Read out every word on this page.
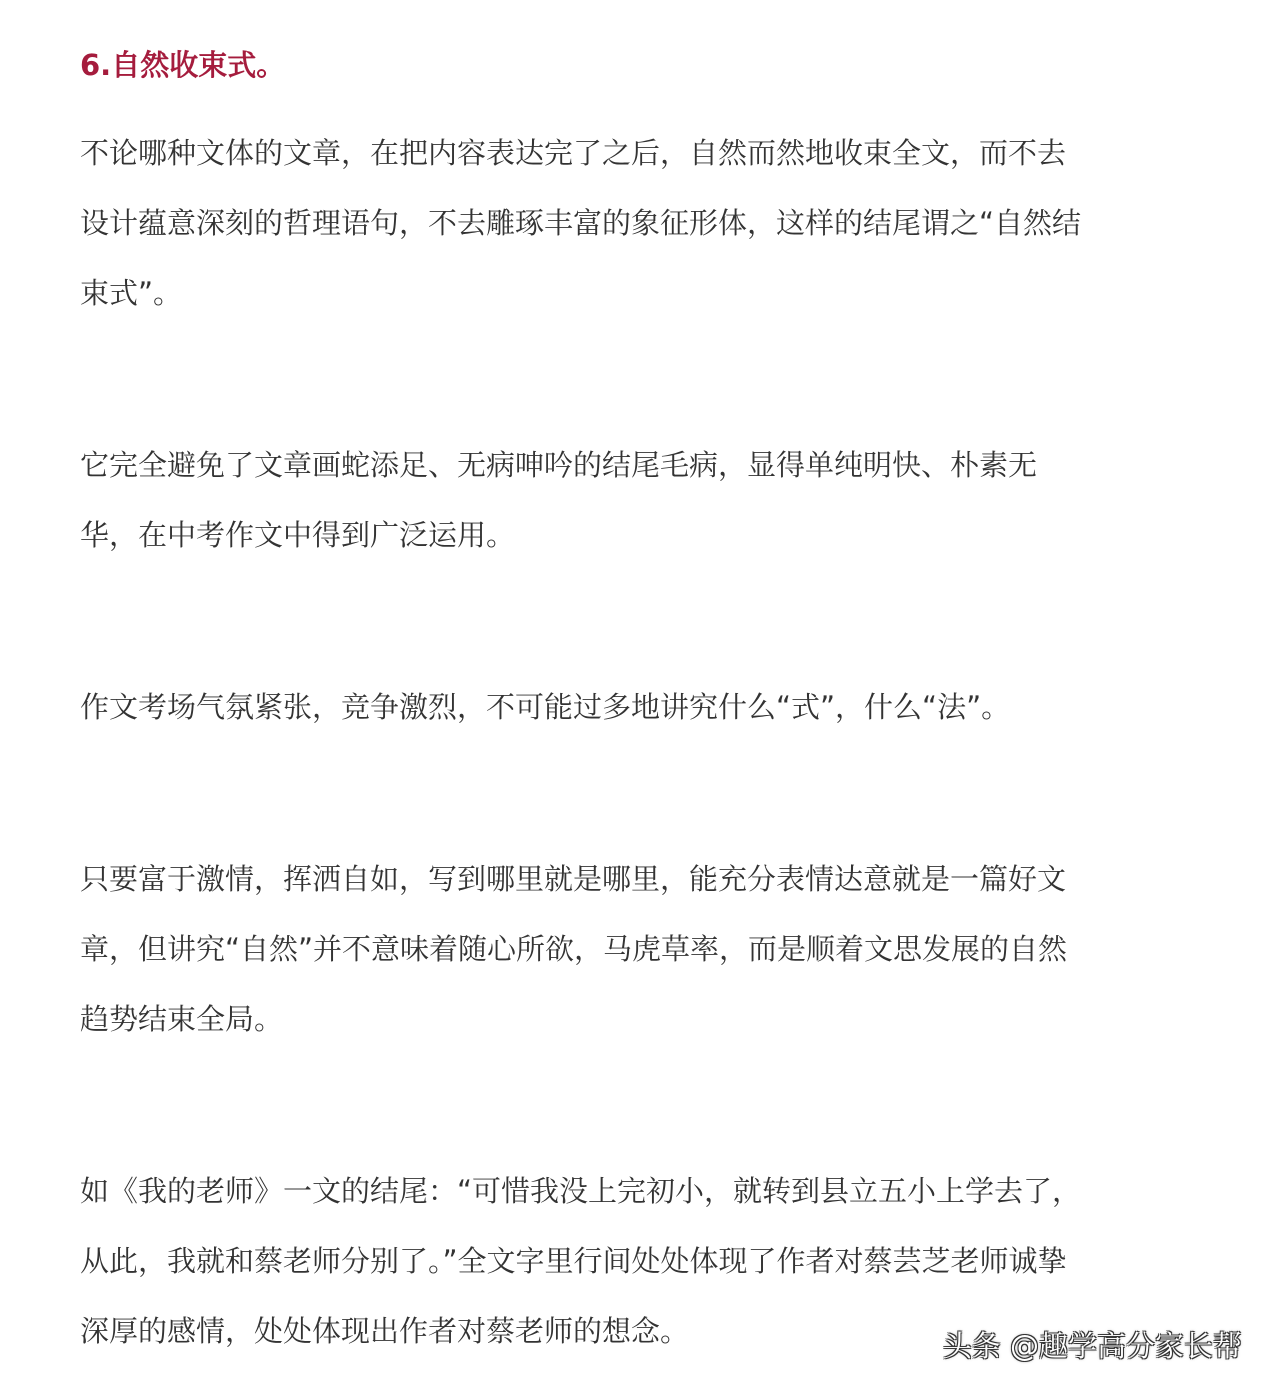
6.自然收束式。
不论哪种文体的文章，在把内容表达完了之后，自然而然地收束全文，而不去
设计蕴意深刻的哲理语句，不去雕琢丰富的象征形体，这样的结尾谓之“自然结
束式”。
它完全避免了文章画蛇添足、无病呻吟的结尾毛病，显得单纯明快、朴素无
华，在中考作文中得到广泛运用。
作文考场气氛紧张，竞争激烈，不可能过多地讲究什么“式”，什么“法”。
只要富于激情，挥洒自如，写到哪里就是哪里，能充分表情达意就是一篇好文
章，但讲究“自然”并不意味着随心所欲，马虎草率，而是顺着文思发展的自然
趋势结束全局。
如《我的老师》一文的结尾：“可惜我没上完初小，就转到县立五小上学去了，
从此，我就和蔡老师分别了。”全文字里行间处处体现了作者对蔡芸芝老师诚挚
深厚的感情，处处体现出作者对蔡老师的想念。	头条 @趣学高分家长帮
